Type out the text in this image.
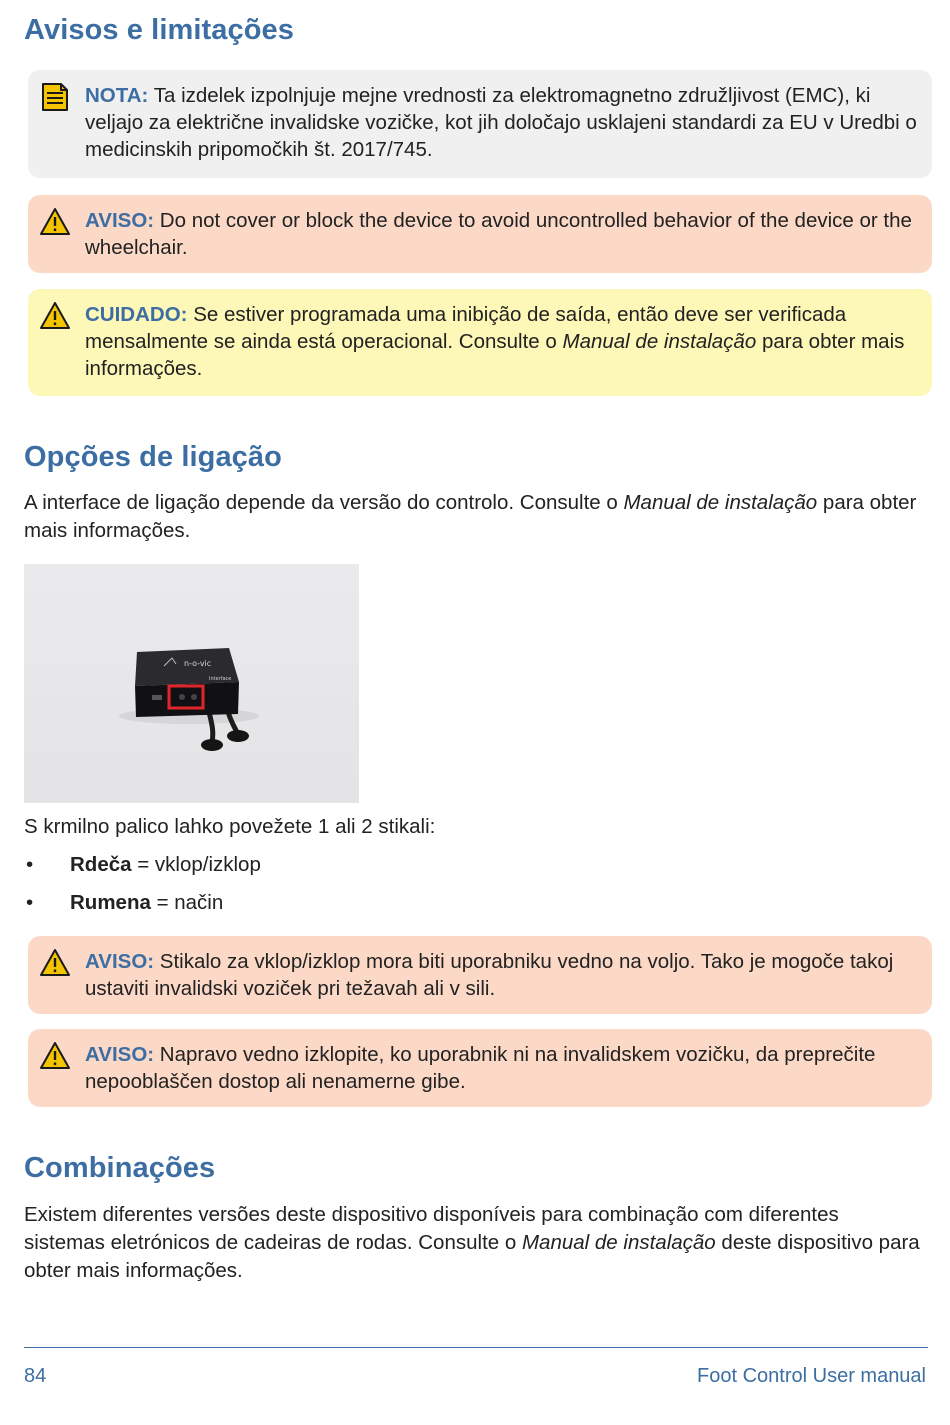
Avisos e limitações
NOTA: Ta izdelek izpolnjuje mejne vrednosti za elektromagnetno združljivost (EMC), ki veljajo za električne invalidske vozičke, kot jih določajo usklajeni standardi za EU v Uredbi o medicinskih pripomočkih št. 2017/745.
AVISO: Do not cover or block the device to avoid uncontrolled behavior of the device or the wheelchair.
CUIDADO: Se estiver programada uma inibição de saída, então deve ser verificada mensalmente se ainda está operacional. Consulte o Manual de instalação para obter mais informações.
Opções de ligação

A interface de ligação depende da versão do controlo. Consulte o Manual de instalação para obter mais informações.

n-o-vic
Interface

S krmilno palico lahko povežete 1 ali 2 stikali:

• Rdeča = vklop/izklop
• Rumena = način
AVISO: Stikalo za vklop/izklop mora biti uporabniku vedno na voljo. Tako je mogoče takoj ustaviti invalidski voziček pri težavah ali v sili.
AVISO: Napravo vedno izklopite, ko uporabnik ni na invalidskem vozičku, da preprečite nepooblaščen dostop ali nenamerne gibe.
Combinações

Existem diferentes versões deste dispositivo disponíveis para combinação com diferentes sistemas eletrónicos de cadeiras de rodas. Consulte o Manual de instalação deste dispositivo para obter mais informações.

84	Foot Control User manual
